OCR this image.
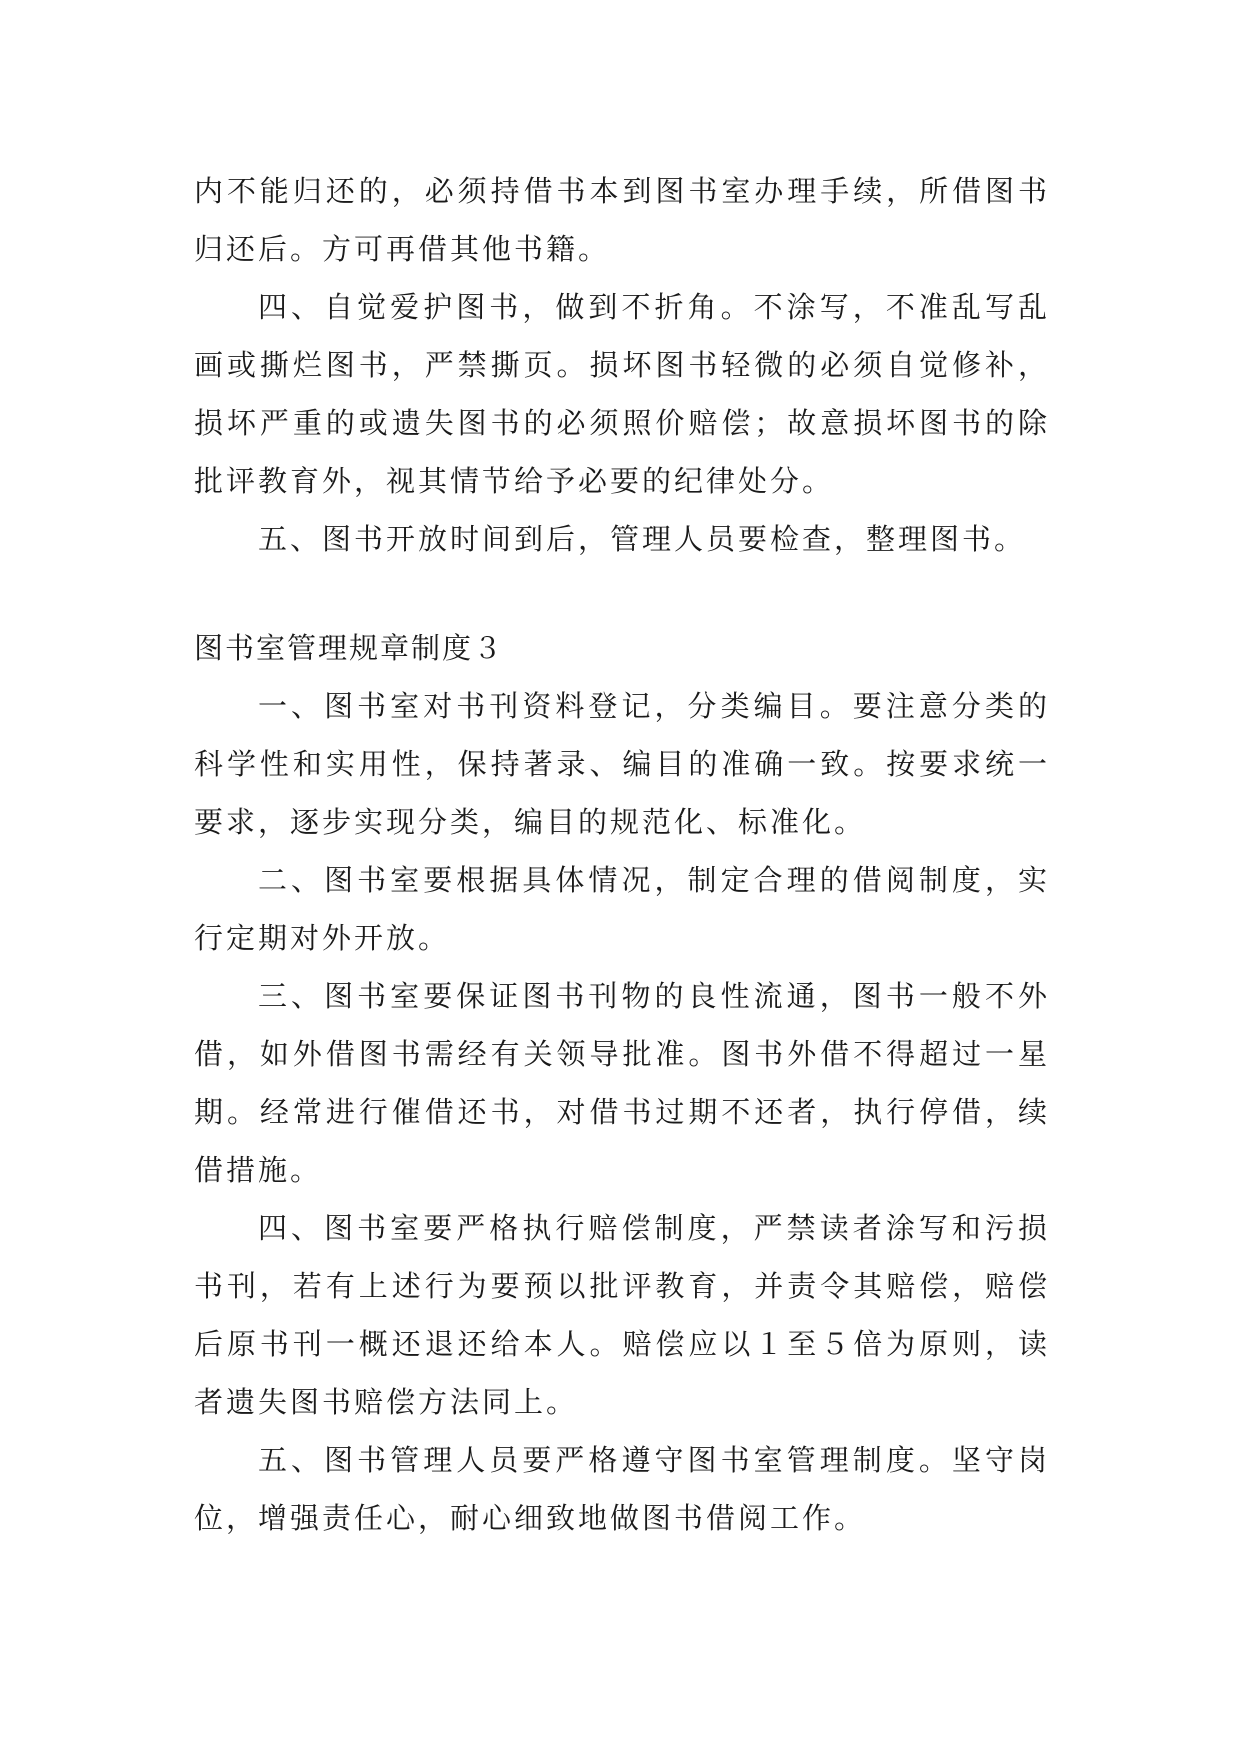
内不能归还的，必须持借书本到图书室办理手续，所借图书归还后。方可再借其他书籍。

四、自觉爱护图书，做到不折角。不涂写，不准乱写乱画或撕烂图书，严禁撕页。损坏图书轻微的必须自觉修补，损坏严重的或遗失图书的必须照价赔偿；故意损坏图书的除批评教育外，视其情节给予必要的纪律处分。

五、图书开放时间到后，管理人员要检查，整理图书。

图书室管理规章制度３

一、图书室对书刊资料登记，分类编目。要注意分类的科学性和实用性，保持著录、编目的准确一致。按要求统一要求，逐步实现分类，编目的规范化、标准化。

二、图书室要根据具体情况，制定合理的借阅制度，实行定期对外开放。

三、图书室要保证图书刊物的良性流通，图书一般不外借，如外借图书需经有关领导批准。图书外借不得超过一星期。经常进行催借还书，对借书过期不还者，执行停借，续借措施。

四、图书室要严格执行赔偿制度，严禁读者涂写和污损书刊，若有上述行为要预以批评教育，并责令其赔偿，赔偿后原书刊一概还退还给本人。赔偿应以１至５倍为原则，读者遗失图书赔偿方法同上。

五、图书管理人员要严格遵守图书室管理制度。坚守岗位，增强责任心，耐心细致地做图书借阅工作。
